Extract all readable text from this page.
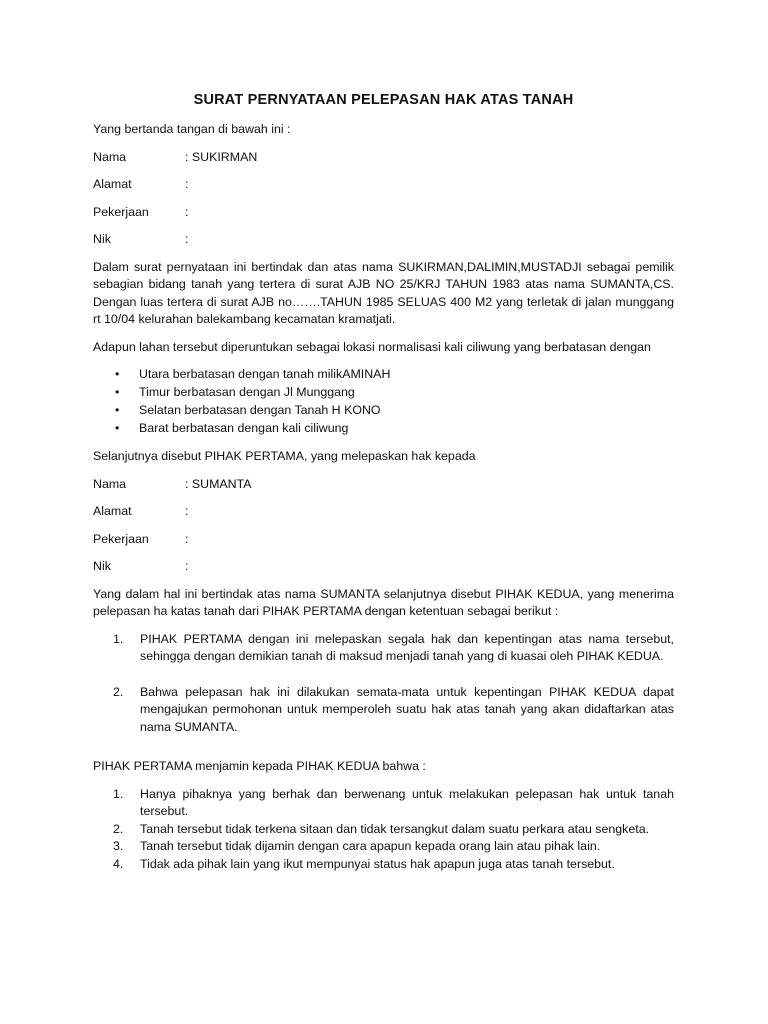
SURAT PERNYATAAN PELEPASAN HAK ATAS TANAH

Yang bertanda tangan di bawah ini :

Nama	: SUKIRMAN
Alamat	:
Pekerjaan	:
Nik	:

Dalam surat pernyataan ini bertindak dan atas nama SUKIRMAN,DALIMIN,MUSTADJI sebagai pemilik sebagian bidang tanah yang tertera di surat AJB NO 25/KRJ TAHUN 1983 atas nama SUMANTA,CS. Dengan luas tertera di surat AJB no…….TAHUN 1985 SELUAS 400 M2 yang terletak di jalan munggang rt 10/04 kelurahan balekambang kecamatan kramatjati.

Adapun lahan tersebut diperuntukan sebagai lokasi normalisasi kali ciliwung yang berbatasan dengan

•	Utara berbatasan dengan tanah milikAMINAH
•	Timur berbatasan dengan Jl Munggang
•	Selatan berbatasan dengan Tanah H KONO
•	Barat berbatasan dengan kali ciliwung

Selanjutnya disebut PIHAK PERTAMA, yang melepaskan hak kepada

Nama	: SUMANTA
Alamat	:
Pekerjaan	:
Nik	:

Yang dalam hal ini bertindak atas nama SUMANTA selanjutnya disebut PIHAK KEDUA, yang menerima pelepasan ha katas tanah dari PIHAK PERTAMA dengan ketentuan sebagai berikut :

1.	PIHAK PERTAMA dengan ini melepaskan segala hak dan kepentingan atas nama tersebut, sehingga dengan demikian tanah di maksud menjadi tanah yang di kuasai oleh PIHAK KEDUA.
2.	Bahwa pelepasan hak ini dilakukan semata-mata untuk kepentingan PIHAK KEDUA dapat mengajukan permohonan untuk memperoleh suatu hak atas tanah yang akan didaftarkan atas nama SUMANTA.

PIHAK PERTAMA menjamin kepada PIHAK KEDUA bahwa :

1.	Hanya pihaknya yang berhak dan berwenang untuk melakukan pelepasan hak untuk tanah tersebut.
2.	Tanah tersebut tidak terkena sitaan dan tidak tersangkut dalam suatu perkara atau sengketa.
3.	Tanah tersebut tidak dijamin dengan cara apapun kepada orang lain atau pihak lain.
4.	Tidak ada pihak lain yang ikut mempunyai status hak apapun juga atas tanah tersebut.
